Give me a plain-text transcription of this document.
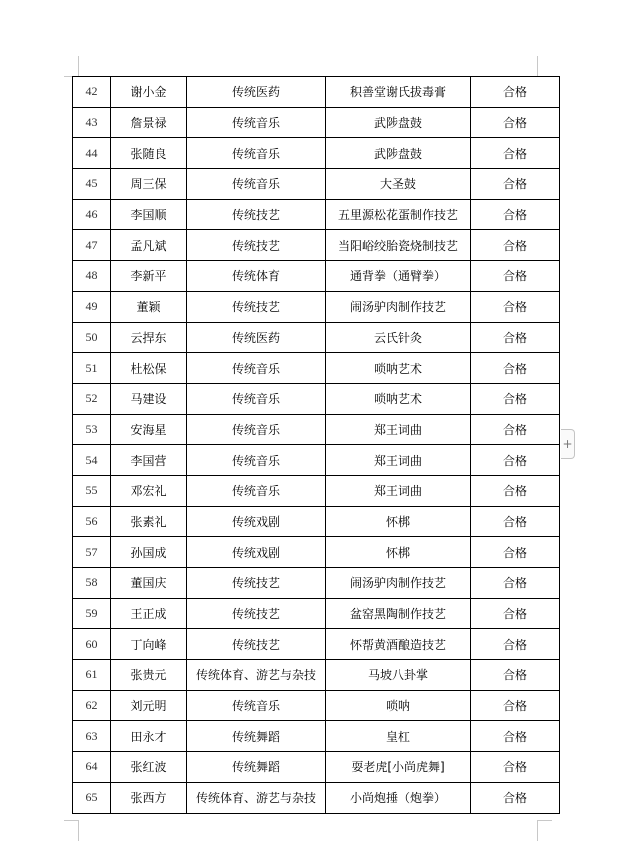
42	谢小金	传统医药	积善堂谢氏拔毒膏	合格
43	詹景禄	传统音乐	武陟盘鼓	合格
44	张随良	传统音乐	武陟盘鼓	合格
45	周三保	传统音乐	大圣鼓	合格
46	李国顺	传统技艺	五里源松花蛋制作技艺	合格
47	孟凡斌	传统技艺	当阳峪绞胎瓷烧制技艺	合格
48	李新平	传统体育	通背拳（通臂拳）	合格
49	董颖	传统技艺	闹汤驴肉制作技艺	合格
50	云捍东	传统医药	云氏针灸	合格
51	杜松保	传统音乐	唢呐艺术	合格
52	马建设	传统音乐	唢呐艺术	合格
53	安海星	传统音乐	郑王词曲	合格
54	李国营	传统音乐	郑王词曲	合格
55	邓宏礼	传统音乐	郑王词曲	合格
56	张素礼	传统戏剧	怀梆	合格
57	孙国成	传统戏剧	怀梆	合格
58	董国庆	传统技艺	闹汤驴肉制作技艺	合格
59	王正成	传统技艺	盆窑黑陶制作技艺	合格
60	丁向峰	传统技艺	怀帮黄酒酿造技艺	合格
61	张贵元	传统体育、游艺与杂技	马坡八卦掌	合格
62	刘元明	传统音乐	唢呐	合格
63	田永才	传统舞蹈	皇杠	合格
64	张红波	传统舞蹈	耍老虎[小尚虎舞]	合格
65	张西方	传统体育、游艺与杂技	小尚炮捶（炮拳）	合格
+
